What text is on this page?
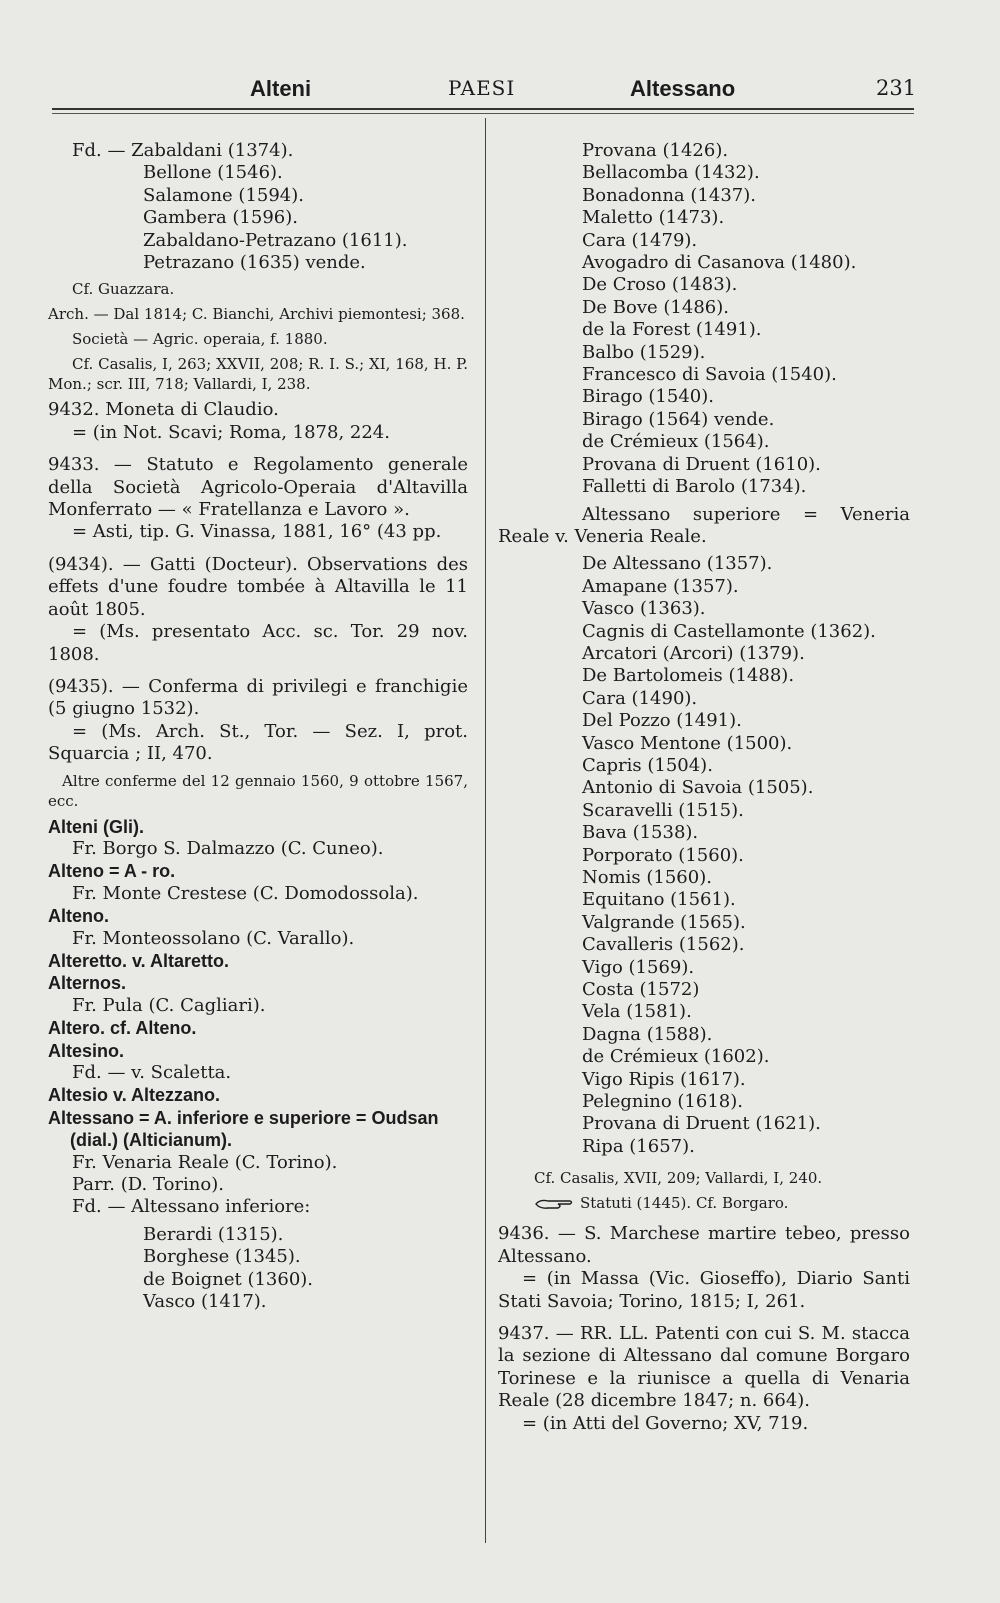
Alteni	PAESI	Altessano	231

Fd. — Zabaldani (1374).

Bellone (1546).

Salamone (1594).

Gambera (1596).

Zabaldano-Petrazano (1611).

Petrazano (1635) vende.

Cf. Guazzara.

Arch. — Dal 1814; C. Bianchi, Archivi piemontesi; 368.

Società — Agric. operaia, f. 1880.

Cf. Casalis, I, 263; XXVII, 208; R. I. S.; XI, 168, H. P. Mon.; scr. III, 718; Vallardi, I, 238.

9432. Moneta di Claudio.

= (in Not. Scavi; Roma, 1878, 224.

9433. — Statuto e Regolamento generale della Società Agricolo-Operaia d'Altavilla Monferrato — « Fratellanza e Lavoro ».

= Asti, tip. G. Vinassa, 1881, 16° (43 pp.

(9434). — Gatti (Docteur). Observations des effets d'une foudre tombée à Altavilla le 11 août 1805.

= (Ms. presentato Acc. sc. Tor. 29 nov. 1808.

(9435). — Conferma di privilegi e franchigie (5 giugno 1532).

= (Ms. Arch. St., Tor. — Sez. I, prot. Squarcia ; II, 470.

Altre conferme del 12 gennaio 1560, 9 ottobre 1567, ecc.

Alteni (Gli).

Fr. Borgo S. Dalmazzo (C. Cuneo).

Alteno = A - ro.

Fr. Monte Crestese (C. Domodossola).

Alteno.

Fr. Monteossolano (C. Varallo).

Alteretto. v. Altaretto.

Alternos.

Fr. Pula (C. Cagliari).

Altero. cf. Alteno.

Altesino.

Fd. — v. Scaletta.

Altesio v. Altezzano.

Altessano = A. inferiore e superiore = Oudsan (dial.) (Alticianum).

Fr. Venaria Reale (C. Torino).

Parr. (D. Torino).

Fd. — Altessano inferiore:

Berardi (1315).

Borghese (1345).

de Boignet (1360).

Vasco (1417).

Provana (1426).

Bellacomba (1432).

Bonadonna (1437).

Maletto (1473).

Cara (1479).

Avogadro di Casanova (1480).

De Croso (1483).

De Bove (1486).

de la Forest (1491).

Balbo (1529).

Francesco di Savoia (1540).

Birago (1540).

Birago (1564) vende.

de Crémieux (1564).

Provana di Druent (1610).

Falletti di Barolo (1734).

Altessano superiore = Veneria Reale v. Veneria Reale.

De Altessano (1357).

Amapane (1357).

Vasco (1363).

Cagnis di Castellamonte (1362).

Arcatori (Arcori) (1379).

De Bartolomeis (1488).

Cara (1490).

Del Pozzo (1491).

Vasco Mentone (1500).

Capris (1504).

Antonio di Savoia (1505).

Scaravelli (1515).

Bava (1538).

Porporato (1560).

Nomis (1560).

Equitano (1561).

Valgrande (1565).

Cavalleris (1562).

Vigo (1569).

Costa (1572)

Vela (1581).

Dagna (1588).

de Crémieux (1602).

Vigo Ripis (1617).

Pelegnino (1618).

Provana di Druent (1621).

Ripa (1657).

Cf. Casalis, XVII, 209; Vallardi, I, 240.

Statuti (1445). Cf. Borgaro.

9436. — S. Marchese martire tebeo, presso Altessano.

= (in Massa (Vic. Gioseffo), Diario Santi Stati Savoia; Torino, 1815; I, 261.

9437. — RR. LL. Patenti con cui S. M. stacca la sezione di Altessano dal comune Borgaro Torinese e la riunisce a quella di Venaria Reale (28 dicembre 1847; n. 664).

= (in Atti del Governo; XV, 719.
